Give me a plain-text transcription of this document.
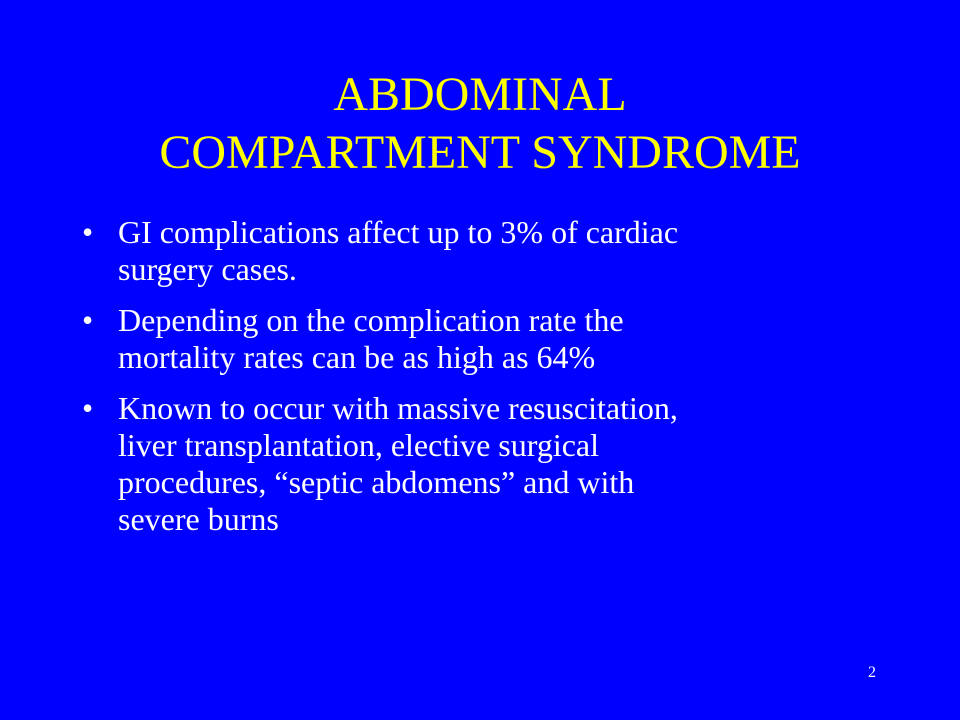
ABDOMINAL
COMPARTMENT SYNDROME
• GI complications affect up to 3% of cardiac
surgery cases.
• Depending on the complication rate the
mortality rates can be as high as 64%
• Known to occur with massive resuscitation,
liver transplantation, elective surgical
procedures, “septic abdomens” and with
severe burns
2
